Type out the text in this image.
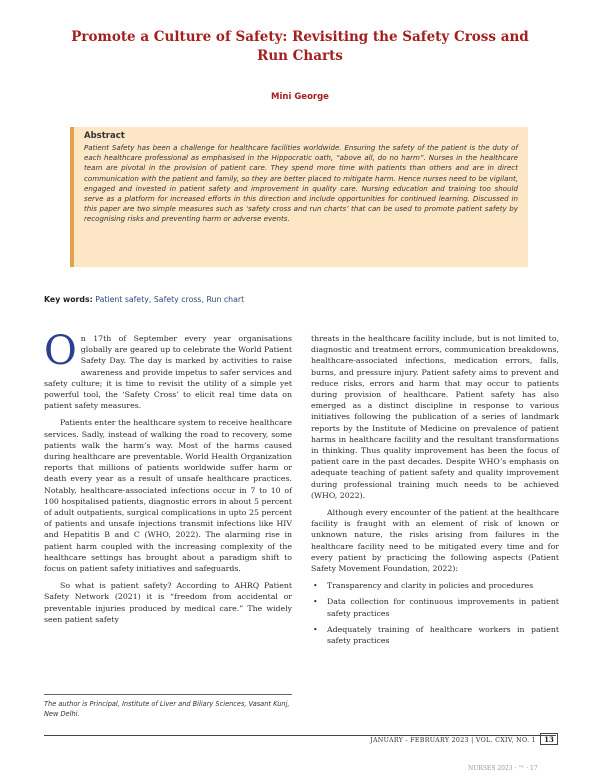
Promote a Culture of Safety: Revisiting the Safety Cross and Run Charts
Mini George
Abstract

Patient Safety has been a challenge for healthcare facilities worldwide. Ensuring the safety of the patient is the duty of each healthcare professional as emphasised in the Hippocratic oath, “above all, do no harm”. Nurses in the healthcare team are pivotal in the provision of patient care. They spend more time with patients than others and are in direct communication with the patient and family, so they are better placed to mitigate harm. Hence nurses need to be vigilant, engaged and invested in patient safety and improvement in quality care. Nursing education and training too should serve as a platform for increased efforts in this direction and include opportunities for continued learning. Discussed in this paper are two simple measures such as ‘safety cross and run charts’ that can be used to promote patient safety by recognising risks and preventing harm or adverse events.

Key words: Patient safety, Safety cross, Run chart

On 17th of September every year organisations globally are geared up to celebrate the World Patient Safety Day. The day is marked by activities to raise awareness and provide impetus to safer services and safety culture; it is time to revisit the utility of a simple yet powerful tool, the ‘Safety Cross’ to elicit real time data on patient safety measures.

Patients enter the healthcare system to receive healthcare services. Sadly, instead of walking the road to recovery, some patients walk the harm’s way. Most of the harms caused during healthcare are preventable. World Health Organization reports that millions of patients worldwide suffer harm or death every year as a result of unsafe healthcare practices. Notably, healthcare-associated infections occur in 7 to 10 of 100 hospitalised patients, diagnostic errors in about 5 percent of adult outpatients, surgical complications in upto 25 percent of patients and unsafe injections transmit infections like HIV and Hepatitis B and C (WHO, 2022). The alarming rise in patient harm coupled with the increasing complexity of the healthcare settings has brought about a paradigm shift to focus on patient safety initiatives and safeguards.

So what is patient safety? According to AHRQ Patient Safety Network (2021) it is “freedom from accidental or preventable injuries produced by medical care.” The widely seen patient safety

threats in the healthcare facility include, but is not limited to, diagnostic and treatment errors, communication breakdowns, healthcare-associated infections, medication errors, falls, burns, and pressure injury. Patient safety aims to prevent and reduce risks, errors and harm that may occur to patients during provision of healthcare. Patient safety has also emerged as a distinct discipline in response to various initiatives following the publication of a series of landmark reports by the Institute of Medicine on prevalence of patient harms in healthcare facility and the resultant transformations in thinking. Thus quality improvement has been the focus of patient care in the past decades. Despite WHO’s emphasis on adequate teaching of patient safety and quality improvement during professional training much needs to be achieved (WHO, 2022).

Although every encounter of the patient at the healthcare facility is fraught with an element of risk of known or unknown nature, the risks arising from failures in the healthcare facility need to be mitigated every time and for every patient by practicing the following aspects (Patient Safety Movement Foundation, 2022):

• Transparency and clarity in policies and procedures
• Data collection for continuous improvements in patient safety practices
• Adequately training of healthcare workers in patient safety practices
The author is Principal, Institute of Liver and Biliary Sciences, Vasant Kunj, New Delhi.
JANUARY - FEBRUARY 2023 | VOL. CXIV, NO. 1	13
NURSES 2023 · ™ · 17
